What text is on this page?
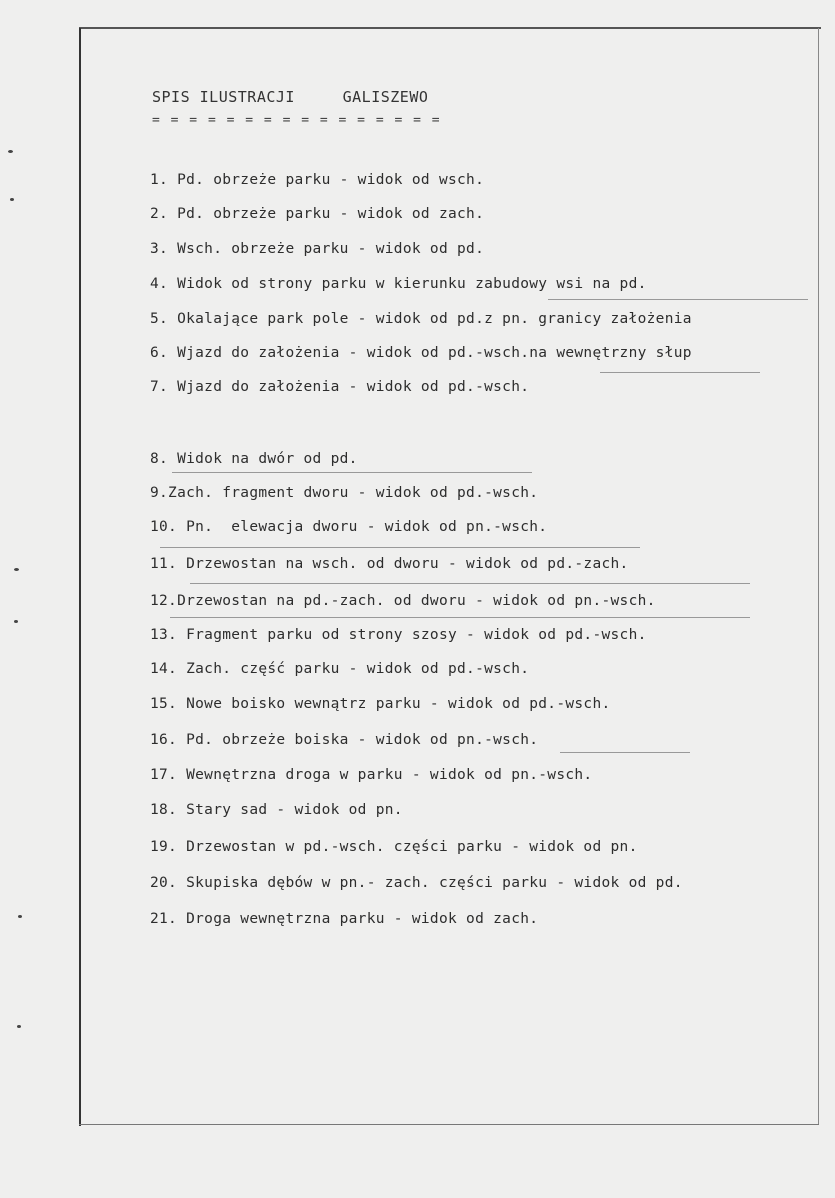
SPIS ILUSTRACJI     GALISZEWO
= = = = = = = = = = = = = = = =
1. Pd. obrzeże parku - widok od wsch.
2. Pd. obrzeże parku - widok od zach.
3. Wsch. obrzeże parku - widok od pd.
4. Widok od strony parku w kierunku zabudowy wsi na pd.
5. Okalające park pole - widok od pd.z pn. granicy założenia
6. Wjazd do założenia - widok od pd.-wsch.na wewnętrzny słup
7. Wjazd do założenia - widok od pd.-wsch.
8. Widok na dwór od pd.
9.Zach. fragment dworu - widok od pd.-wsch.
10. Pn.  elewacja dworu - widok od pn.-wsch.
11. Drzewostan na wsch. od dworu - widok od pd.-zach.
12.Drzewostan na pd.-zach. od dworu - widok od pn.-wsch.
13. Fragment parku od strony szosy - widok od pd.-wsch.
14. Zach. część parku - widok od pd.-wsch.
15. Nowe boisko wewnątrz parku - widok od pd.-wsch.
16. Pd. obrzeże boiska - widok od pn.-wsch.
17. Wewnętrzna droga w parku - widok od pn.-wsch.
18. Stary sad - widok od pn.
19. Drzewostan w pd.-wsch. części parku - widok od pn.
20. Skupiska dębów w pn.- zach. części parku - widok od pd.
21. Droga wewnętrzna parku - widok od zach.
